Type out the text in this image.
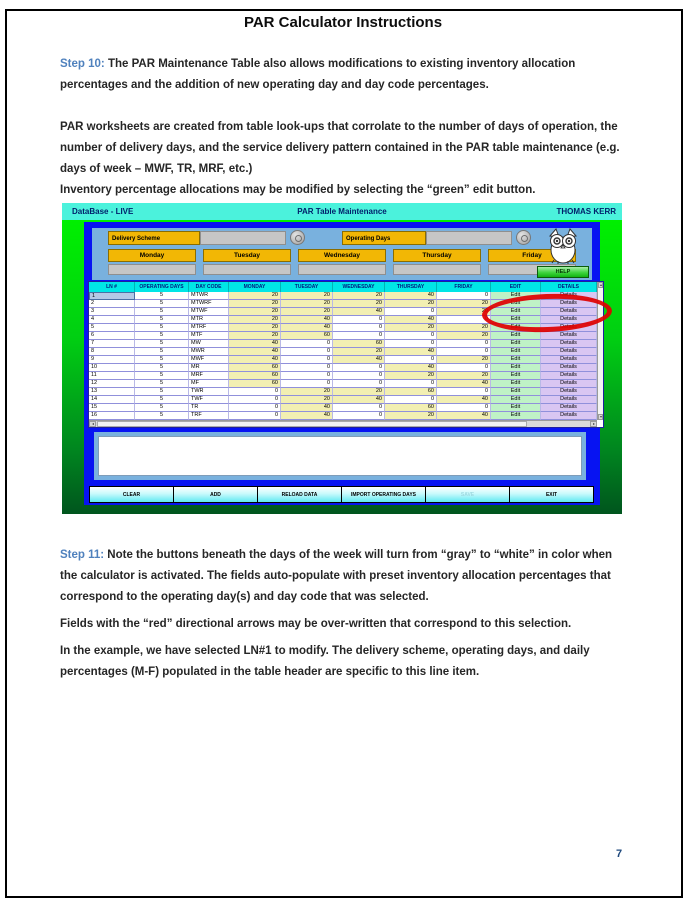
PAR Calculator Instructions

Step 10: The PAR Maintenance Table also allows modifications to existing inventory allocation percentages and the addition of new operating day and day code percentages.

PAR worksheets are created from table look-ups that corrolate to the number of days of operation, the number of delivery days, and the service delivery pattern contained in the PAR table maintenance (e.g. days of week – MWF, TR, MRF, etc.)

Inventory percentage allocations may be modified by selecting the “green” edit button.

DataBase - LIVE	PAR Table Maintenance	THOMAS KERR
Delivery Scheme	Operating Days
Monday	Tuesday	Wednesday	Thursday	Friday
HELP
LN #	OPERATING DAYS	DAY CODE	MONDAY	TUESDAY	WEDNESDAY	THURSDAY	FRIDAY	EDIT	DETAILS
1	5	MTWR	20	20	20	40	0	Edit	Details
2	5	MTWRF	20	20	20	20	20	Edit	Details
3	5	MTWF	20	20	40	0	20	Edit	Details
4	5	MTR	20	40	0	40	0	Edit	Details
5	5	MTRF	20	40	0	20	20	Edit	Details
6	5	MTF	20	60	0	0	20	Edit	Details
7	5	MW	40	0	60	0	0	Edit	Details
8	5	MWR	40	0	20	40	0	Edit	Details
9	5	MWF	40	0	40	0	20	Edit	Details
10	5	MR	60	0	0	40	0	Edit	Details
11	5	MRF	60	0	0	20	20	Edit	Details
12	5	MF	60	0	0	0	40	Edit	Details
13	5	TWR	0	20	20	60	0	Edit	Details
14	5	TWF	0	20	40	0	40	Edit	Details
15	5	TR	0	40	0	60	0	Edit	Details
16	5	TRF	0	40	0	20	40	Edit	Details
CLEAR	ADD	RELOAD DATA	IMPORT OPERATING DAYS	SAVE	EXIT

Step 11: Note the buttons beneath the days of the week will turn from “gray” to “white” in color when the calculator is activated. The fields auto-populate with preset inventory allocation percentages that correspond to the operating day(s) and day code that was selected.

Fields with the “red” directional arrows may be over-written that correspond to this selection.

In the example, we have selected LN#1 to modify. The delivery scheme, operating days, and daily percentages (M-F) populated in the table header are specific to this line item.

7
